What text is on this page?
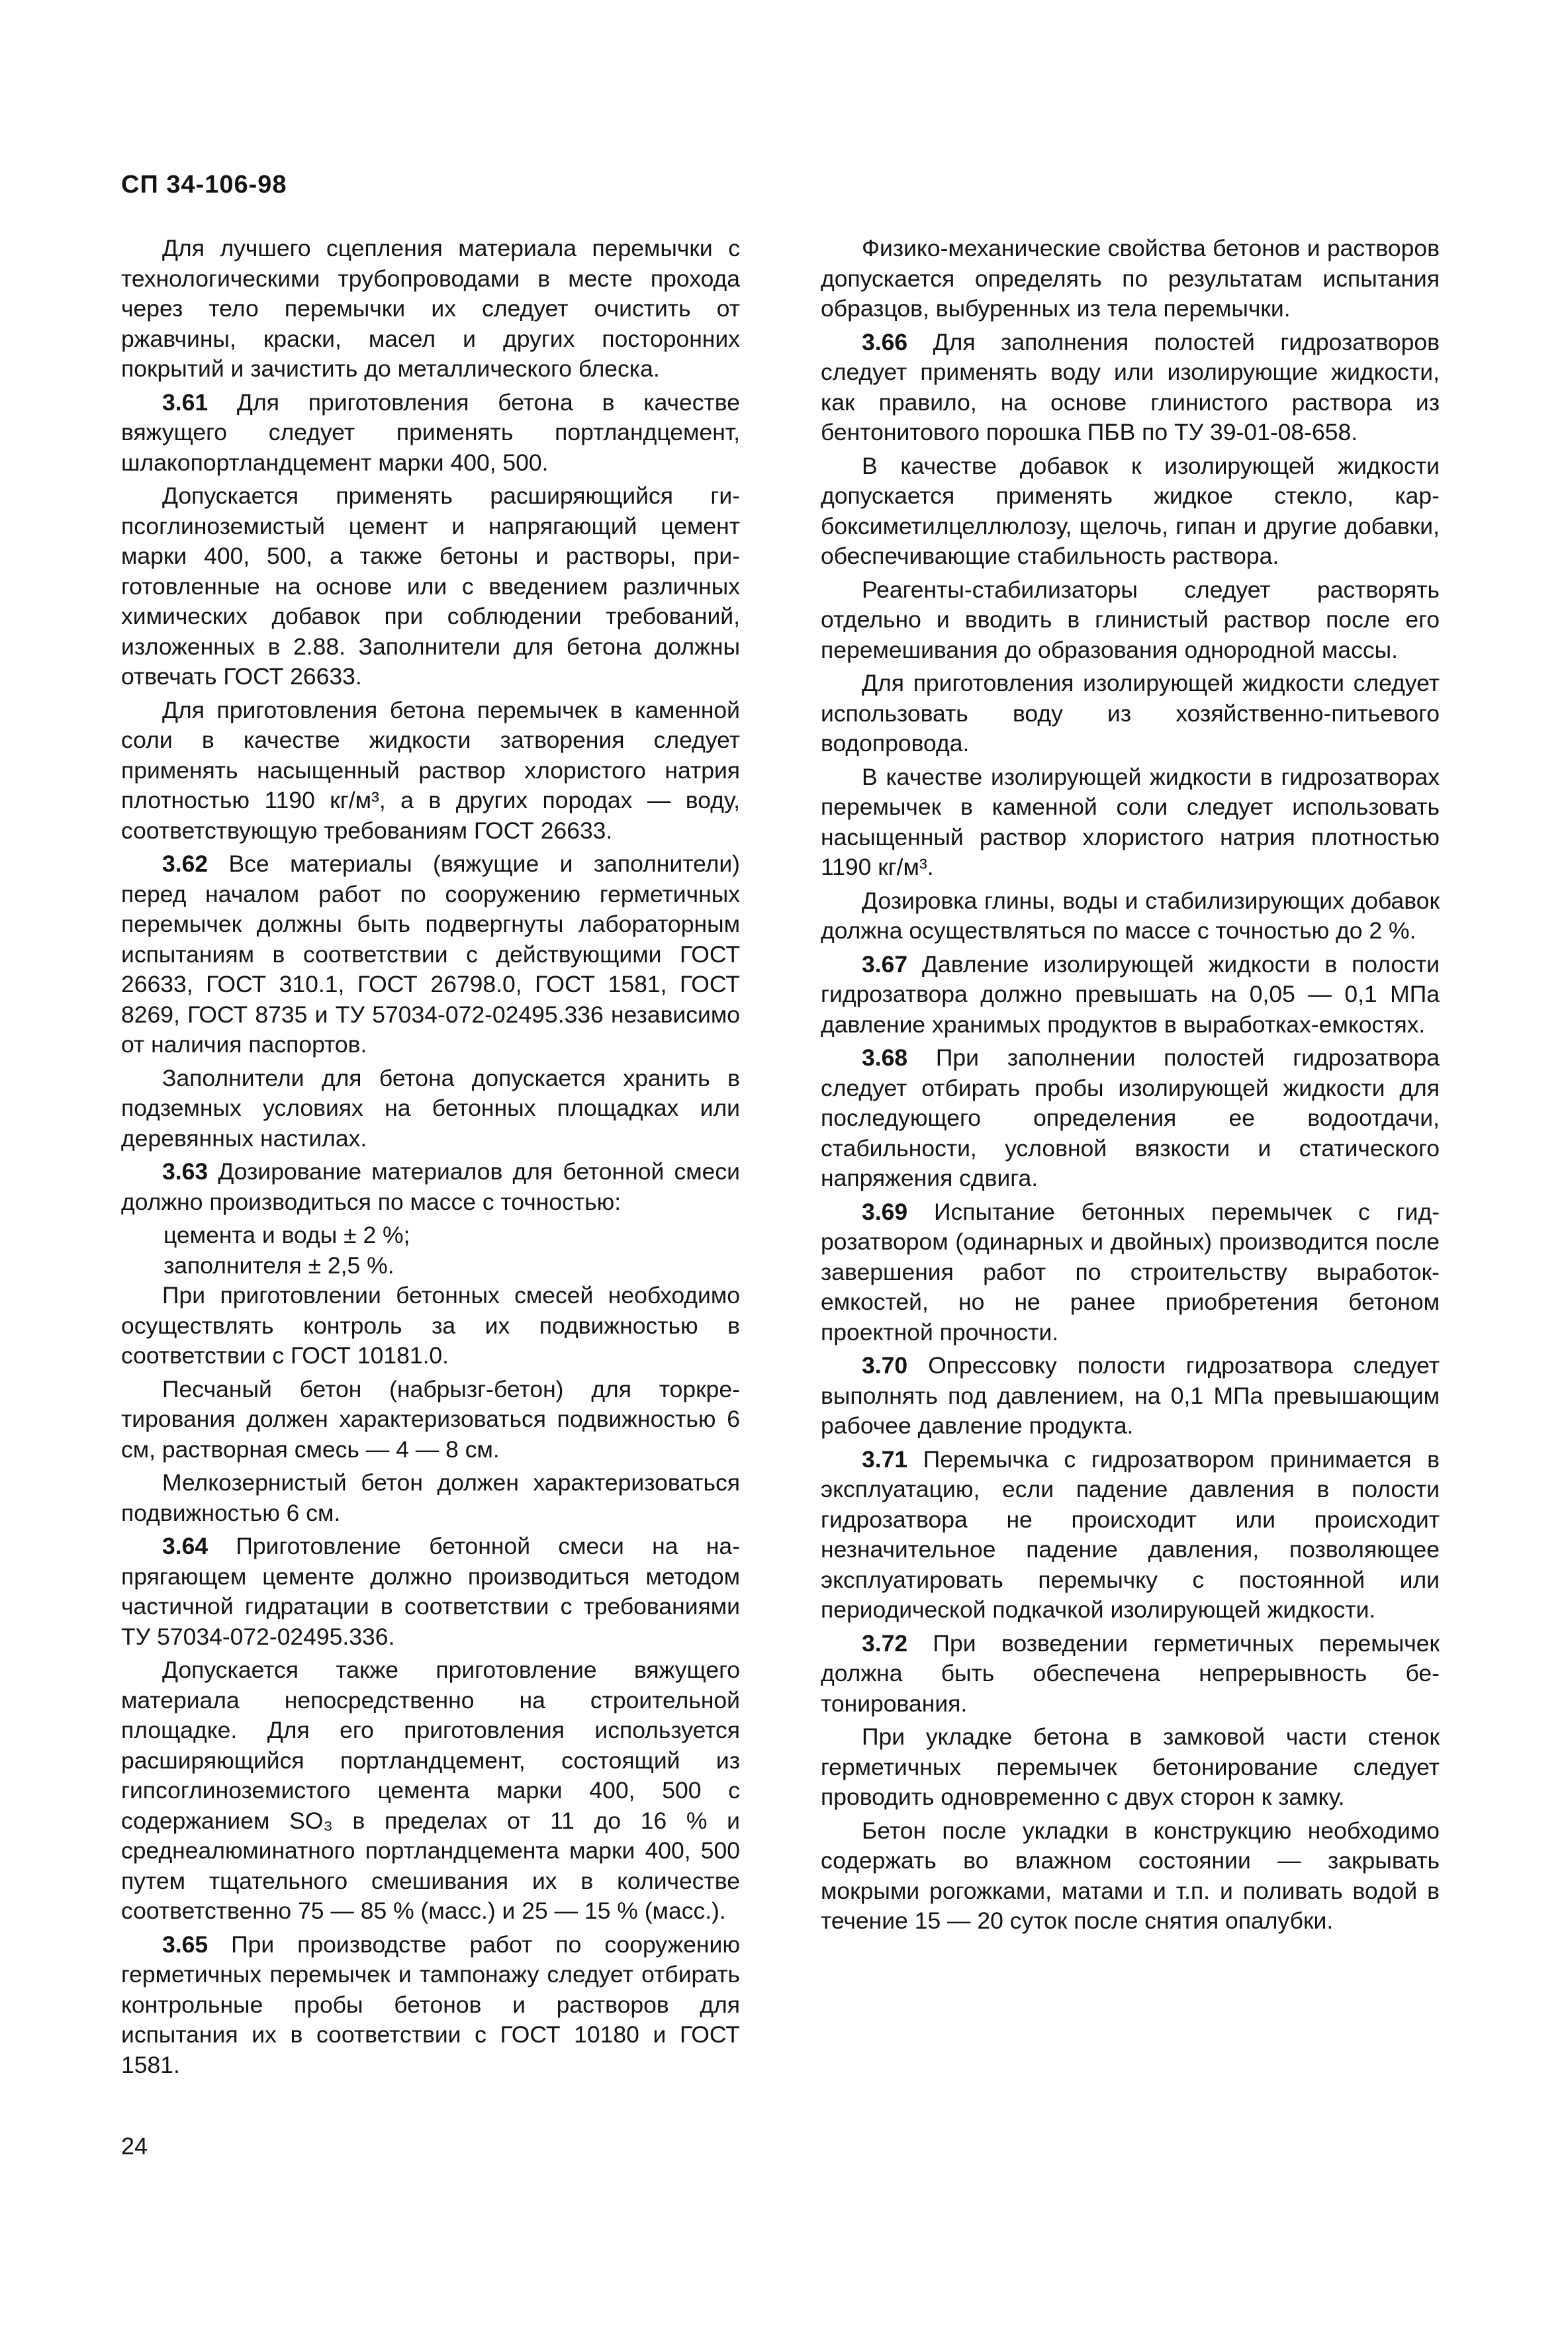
СП 34-106-98

Для лучшего сцепления материала перемычки с технологическими трубопроводами в месте прохода через тело перемычки их следует очистить от ржавчины, краски, масел и других посторонних покрытий и зачистить до металлического блеска.

3.61 Для приготовления бетона в качестве вяжущего следует применять портландцемент, шлакопортландцемент марки 400, 500.

Допускается применять расширяющийся гипсоглиноземистый цемент и напрягающий цемент марки 400, 500, а также бетоны и растворы, приготовленные на основе или с введением различных химических добавок при соблюдении требований, изложенных в 2.88. Заполнители для бетона должны отвечать ГОСТ 26633.

Для приготовления бетона перемычек в каменной соли в качестве жидкости затворения следует применять насыщенный раствор хлористого натрия плотностью 1190 кг/м³, а в других породах — воду, соответствующую требованиям ГОСТ 26633.

3.62 Все материалы (вяжущие и заполнители) перед началом работ по сооружению герметичных перемычек должны быть подвергнуты лабораторным испытаниям в соответствии с действующими ГОСТ 26633, ГОСТ 310.1, ГОСТ 26798.0, ГОСТ 1581, ГОСТ 8269, ГОСТ 8735 и ТУ 57034-072-02495.336 независимо от наличия паспортов.

Заполнители для бетона допускается хранить в подземных условиях на бетонных площадках или деревянных настилах.

3.63 Дозирование материалов для бетонной смеси должно производиться по массе с точностью:

цемента и воды ± 2 %;

заполнителя ± 2,5 %.

При приготовлении бетонных смесей необходимо осуществлять контроль за их подвижностью в соответствии с ГОСТ 10181.0.

Песчаный бетон (набрызг-бетон) для торкретирования должен характеризоваться подвижностью 6 см, растворная смесь — 4 — 8 см.

Мелкозернистый бетон должен характеризоваться подвижностью 6 см.

3.64 Приготовление бетонной смеси на напрягающем цементе должно производиться методом частичной гидратации в соответствии с требованиями ТУ 57034-072-02495.336.

Допускается также приготовление вяжущего материала непосредственно на строительной площадке. Для его приготовления используется расширяющийся портландцемент, состоящий из гипсоглиноземистого цемента марки 400, 500 с содержанием SO₃ в пределах от 11 до 16 % и среднеалюминатного портландцемента марки 400, 500 путем тщательного смешивания их в количестве соответственно 75 — 85 % (масс.) и 25 — 15 % (масс.).

3.65 При производстве работ по сооружению герметичных перемычек и тампонажу следует отбирать контрольные пробы бетонов и растворов для испытания их в соответствии с ГОСТ 10180 и ГОСТ 1581.

Физико-механические свойства бетонов и растворов допускается определять по результатам испытания образцов, выбуренных из тела перемычки.

3.66 Для заполнения полостей гидрозатворов следует применять воду или изолирующие жидкости, как правило, на основе глинистого раствора из бентонитового порошка ПБВ по ТУ 39-01-08-658.

В качестве добавок к изолирующей жидкости допускается применять жидкое стекло, карбоксиметилцеллюлозу, щелочь, гипан и другие добавки, обеспечивающие стабильность раствора.

Реагенты-стабилизаторы следует растворять отдельно и вводить в глинистый раствор после его перемешивания до образования однородной массы.

Для приготовления изолирующей жидкости следует использовать воду из хозяйственно-питьевого водопровода.

В качестве изолирующей жидкости в гидрозатворах перемычек в каменной соли следует использовать насыщенный раствор хлористого натрия плотностью 1190 кг/м³.

Дозировка глины, воды и стабилизирующих добавок должна осуществляться по массе с точностью до 2 %.

3.67 Давление изолирующей жидкости в полости гидрозатвора должно превышать на 0,05 — 0,1 МПа давление хранимых продуктов в выработках-емкостях.

3.68 При заполнении полостей гидрозатвора следует отбирать пробы изолирующей жидкости для последующего определения ее водоотдачи, стабильности, условной вязкости и статического напряжения сдвига.

3.69 Испытание бетонных перемычек с гидрозатвором (одинарных и двойных) производится после завершения работ по строительству выработок-емкостей, но не ранее приобретения бетоном проектной прочности.

3.70 Опрессовку полости гидрозатвора следует выполнять под давлением, на 0,1 МПа превышающим рабочее давление продукта.

3.71 Перемычка с гидрозатвором принимается в эксплуатацию, если падение давления в полости гидрозатвора не происходит или происходит незначительное падение давления, позволяющее эксплуатировать перемычку с постоянной или периодической подкачкой изолирующей жидкости.

3.72 При возведении герметичных перемычек должна быть обеспечена непрерывность бетонирования.

При укладке бетона в замковой части стенок герметичных перемычек бетонирование следует проводить одновременно с двух сторон к замку.

Бетон после укладки в конструкцию необходимо содержать во влажном состоянии — закрывать мокрыми рогожками, матами и т.п. и поливать водой в течение 15 — 20 суток после снятия опалубки.

24
